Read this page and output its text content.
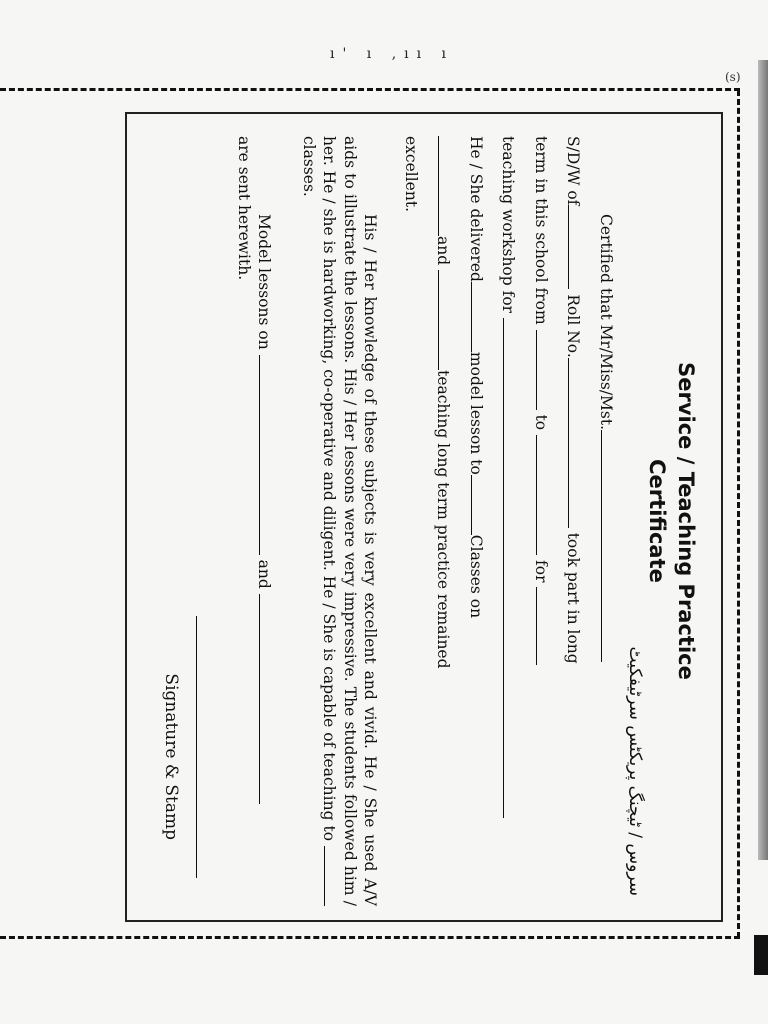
ı' ı ,ıı ı
(s)
Service / Teaching Practice
Certificate
سروس / ٹیچنگ پریکٹس سرٹیفکیٹ
Certified that Mr/Miss/Mst.
S/D/W of Roll No. took part in long
term in this school from  to  for
teaching workshop for
He / She deliveredmodel lesson toClasses on
and teaching long term practice remained
excellent.
His / Her knowledge of these subjects is very excellent and vivid. He / She used A/V aids to illustrate the lessons. His / Her lessons were very impressive. The students followed him / her. He / she is hardworking, co-operative and diligent. He / She is capable of teaching to  classes.
Model lessons on  and
are sent herewith.
Signature & Stamp
